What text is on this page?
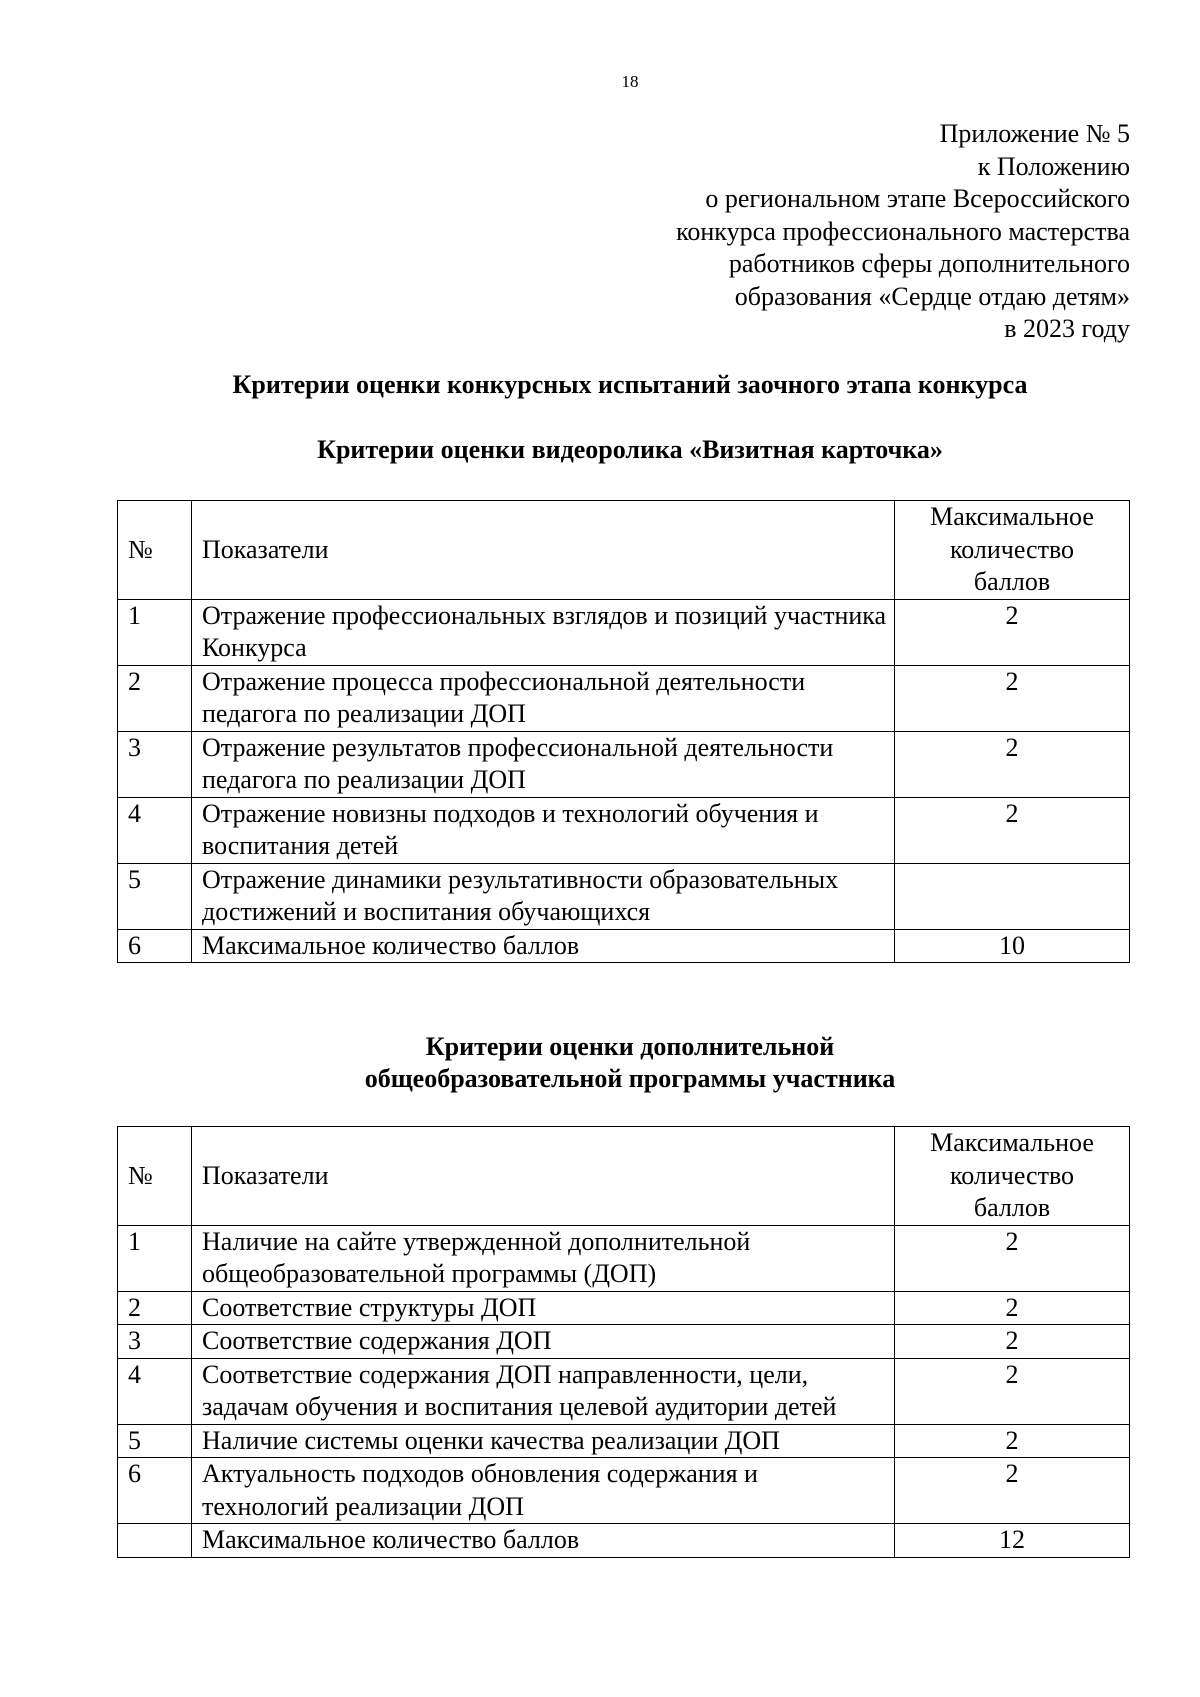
18
Приложение № 5
к Положению
о региональном этапе Всероссийского
конкурса профессионального мастерства
работников сферы дополнительного
образования «Сердце отдаю детям»
в 2023 году
Критерии оценки конкурсных испытаний заочного этапа конкурса
Критерии оценки видеоролика «Визитная карточка»
№	Показатели	Максимальное
количество
баллов

1	Отражение профессиональных взглядов и позиций участника Конкурса	2
2	Отражение процесса профессиональной деятельности педагога по реализации ДОП	2
3	Отражение результатов профессиональной деятельности педагога по реализации ДОП	2
4	Отражение новизны подходов и технологий обучения и воспитания детей	2
5	Отражение динамики результативности образовательных достижений и воспитания обучающихся	
6	Максимальное количество баллов	10
Критерии оценки дополнительной
общеобразовательной программы участника
№	Показатели	Максимальное
количество
баллов

1	Наличие на сайте утвержденной дополнительной общеобразовательной программы (ДОП)	2
2	Соответствие структуры ДОП	2
3	Соответствие содержания ДОП	2
4	Соответствие содержания ДОП направленности, цели, задачам обучения и воспитания целевой аудитории детей	2
5	Наличие системы оценки качества реализации ДОП	2
6	Актуальность подходов обновления содержания и технологий реализации ДОП	2
	Максимальное количество баллов	12
